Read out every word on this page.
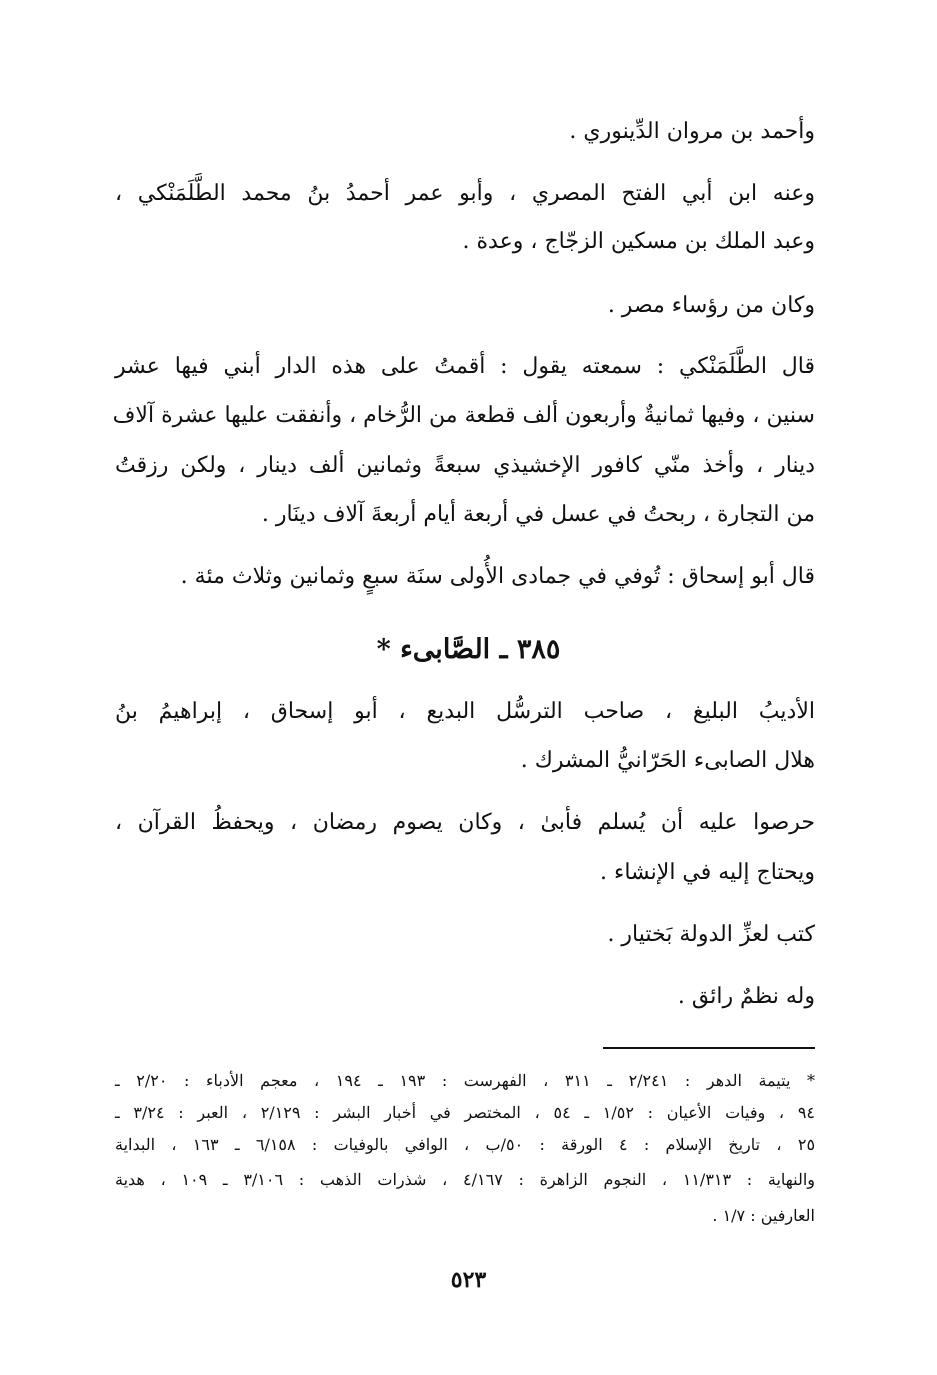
وأحمد بن مروان الدِّينوري .
وعنه ابن أبي الفتح المصري ، وأبو عمر أحمدُ بنُ محمد الطَّلَمَنْكي ،
وعبد الملك بن مسكين الزجّاج ، وعدة .
وكان من رؤساء مصر .
قال الطَّلَمَنْكي : سمعته يقول : أقمتُ على هذه الدار أبني فيها عشر
سنين ، وفيها ثمانيةٌ وأربعون ألف قطعة من الرُّخام ، وأنفقت عليها عشرة آلاف
دينار ، وأخذ منّي كافور الإخشيذي سبعةً وثمانين ألف دينار ، ولكن رزقتُ
من التجارة ، ربحتُ في عسل في أربعة أيام أربعةَ آلاف دينَار .
قال أبو إسحاق : تُوفي في جمادى الأُولى سنَة سبعٍ وثمانين وثلاث مئة .
٣٨٥ ـ الصَّابىء *
الأديبُ البليغ ، صاحب الترسُّل البديع ، أبو إسحاق ، إبراهيمُ بنُ
هلال الصابىء الحَرّانيُّ المشرك .
حرصوا عليه أن يُسلم فأبىٰ ، وكان يصوم رمضان ، ويحفظُ القرآن ،
ويحتاج إليه في الإنشاء .
كتب لعزِّ الدولة بَختيار .
وله نظمٌ رائق .
* يتيمة الدهر : ٢/٢٤١ ـ ٣١١ ، الفهرست : ١٩٣ ـ ١٩٤ ، معجم الأدباء : ٢/٢٠ ـ
٩٤ ، وفيات الأعيان : ١/٥٢ ـ ٥٤ ، المختصر في أخبار البشر : ٢/١٢٩ ، العبر : ٣/٢٤ ـ
٢٥ ، تاريخ الإسلام : ٤ الورقة : ٥٠/ب ، الوافي بالوفيات : ٦/١٥٨ ـ ١٦٣ ، البداية
والنهاية : ١١/٣١٣ ، النجوم الزاهرة : ٤/١٦٧ ، شذرات الذهب : ٣/١٠٦ ـ ١٠٩ ، هدية
العارفين : ١/٧ .
٥٢٣
